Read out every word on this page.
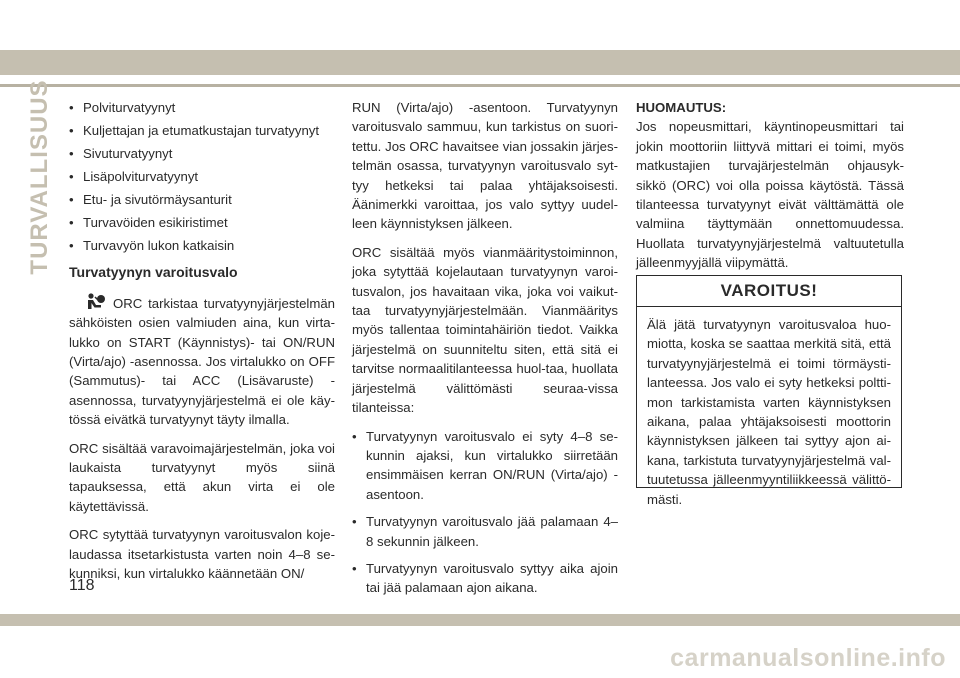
TURVALLISUUS
•	Polviturvatyynyt
• Kuljettajan ja etumatkustajan turvatyynyt
• Sivuturvatyynyt
• Lisäpolviturvatyynyt
• Etu- ja sivutörmäysanturit
• Turvavöiden esikiristimet
• Turvavyön lukon katkaisin
Turvatyynyn varoitusvalo

ORC tarkistaa turvatyynyjärjestelmän sähköisten osien valmiuden aina, kun virta-lukko on START (Käynnistys)- tai ON/RUN (Virta/ajo) -asennossa. Jos virtalukko on OFF (Sammutus)- tai ACC (Lisävaruste) -asennossa, turvatyynyjärjestelmä ei ole käy-tössä eivätkä turvatyynyt täyty ilmalla.

ORC sisältää varavoimajärjestelmän, joka voi laukaista turvatyynyt myös siinä tapauksessa, että akun virta ei ole käytettävissä.

ORC sytyttää turvatyynyn varoitusvalon koje-laudassa itsetarkistusta varten noin 4–8 se-kunniksi, kun virtalukko käännetään ON/

RUN (Virta/ajo) -asentoon. Turvatyynyn varoitusvalo sammuu, kun tarkistus on suori-tettu. Jos ORC havaitsee vian jossakin järjes-telmän osassa, turvatyynyn varoitusvalo syt-tyy hetkeksi tai palaa yhtäjaksoisesti. Äänimerkki varoittaa, jos valo syttyy uudel-leen käynnistyksen jälkeen.

ORC sisältää myös vianmääritystoiminnon, joka sytyttää kojelautaan turvatyynyn varoi-tusvalon, jos havaitaan vika, joka voi vaikut-taa turvatyynyjärjestelmään. Vianmääritys myös tallentaa toimintahäiriön tiedot. Vaikka järjestelmä on suunniteltu siten, että sitä ei tarvitse normaalitilanteessa huol-taa, huollata järjestelmä välittömästi seuraa-vissa tilanteissa:

• Turvatyynyn varoitusvalo ei syty 4–8 se-kunnin ajaksi, kun virtalukko siirretään ensimmäisen kerran ON/RUN (Virta/ajo) -asentoon.
• Turvatyynyn varoitusvalo jää palamaan 4–8 sekunnin jälkeen.
• Turvatyynyn varoitusvalo syttyy aika ajoin tai jää palamaan ajon aikana.

HUOMAUTUS:

Jos nopeusmittari, käyntinopeusmittari tai jokin moottoriin liittyvä mittari ei toimi, myös matkustajien turvajärjestelmän ohjausyk-sikkö (ORC) voi olla poissa käytöstä. Tässä tilanteessa turvatyynyt eivät välttämättä ole valmiina täyttymään onnettomuudessa. Huollata turvatyynyjärjestelmä valtuutetulla jälleenmyyjällä viipymättä.

VAROITUS!
Älä jätä turvatyynyn varoitusvaloa huo-miotta, koska se saattaa merkitä sitä, että turvatyynyjärjestelmä ei toimi törmäysti-lanteessa. Jos valo ei syty hetkeksi poltti-mon tarkistamista varten käynnistyksen aikana, palaa yhtäjaksoisesti moottorin käynnistyksen jälkeen tai syttyy ajon ai-kana, tarkistuta turvatyynyjärjestelmä val-tuutetussa jälleenmyyntiliikkeessä välittö-mästi.
118
carmanualsonline.info
